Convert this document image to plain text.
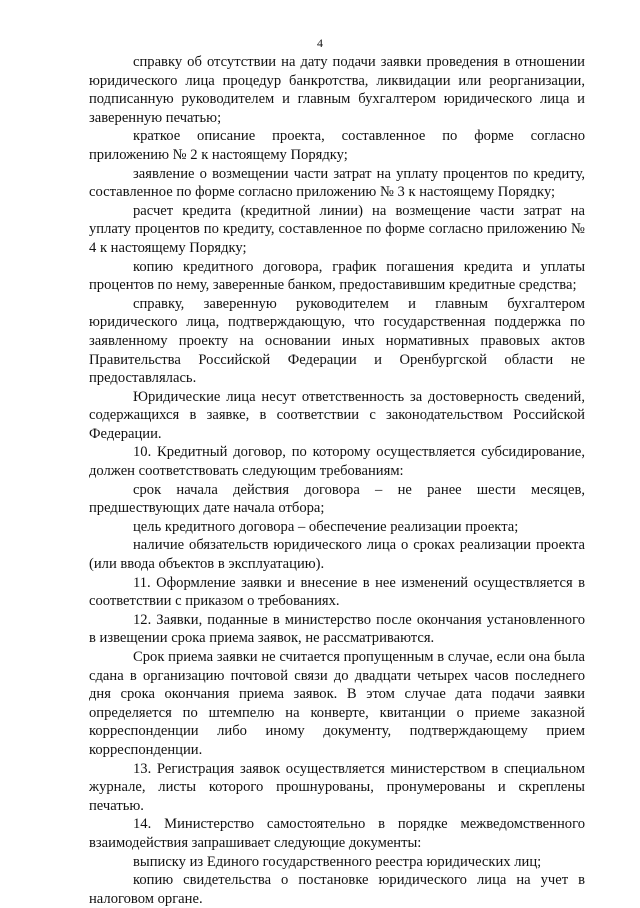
4

справку об отсутствии на дату подачи заявки проведения в отношении юридического лица процедур банкротства, ликвидации или реорганизации, подписанную руководителем и главным бухгалтером юридического лица и заверенную печатью;

краткое описание проекта, составленное по форме согласно приложению № 2 к настоящему Порядку;

заявление о возмещении части затрат на уплату процентов по кредиту, составленное по форме согласно приложению № 3 к настоящему Порядку;

расчет кредита (кредитной линии) на возмещение части затрат на уплату процентов по кредиту, составленное по форме согласно приложению № 4 к настоящему Порядку;

копию кредитного договора, график погашения кредита и уплаты процентов по нему, заверенные банком, предоставившим кредитные средства;

справку, заверенную руководителем и главным бухгалтером юридического лица, подтверждающую, что государственная поддержка по заявленному проекту на основании иных нормативных правовых актов Правительства Российской Федерации и Оренбургской области не предоставлялась.

Юридические лица несут ответственность за достоверность сведений, содержащихся в заявке, в соответствии с законодательством Российской Федерации.

10. Кредитный договор, по которому осуществляется субсидирование, должен соответствовать следующим требованиям:

срок начала действия договора – не ранее шести месяцев, предшествующих дате начала отбора;

цель кредитного договора – обеспечение реализации проекта;

наличие обязательств юридического лица о сроках реализации проекта (или ввода объектов в эксплуатацию).

11. Оформление заявки и внесение в нее изменений осуществляется в соответствии с приказом о требованиях.

12. Заявки, поданные в министерство после окончания установленного в извещении срока приема заявок, не рассматриваются.

Срок приема заявки не считается пропущенным в случае, если она была сдана в организацию почтовой связи до двадцати четырех часов последнего дня срока окончания приема заявок. В этом случае дата подачи заявки определяется по штемпелю на конверте, квитанции о приеме заказной корреспонденции либо иному документу, подтверждающему прием корреспонденции.

13. Регистрация заявок осуществляется министерством в специальном журнале, листы которого прошнурованы, пронумерованы и скреплены печатью.

14. Министерство самостоятельно в порядке межведомственного взаимодействия запрашивает следующие документы:

выписку из Единого государственного реестра юридических лиц;

копию свидетельства о постановке юридического лица на учет в налоговом органе.
